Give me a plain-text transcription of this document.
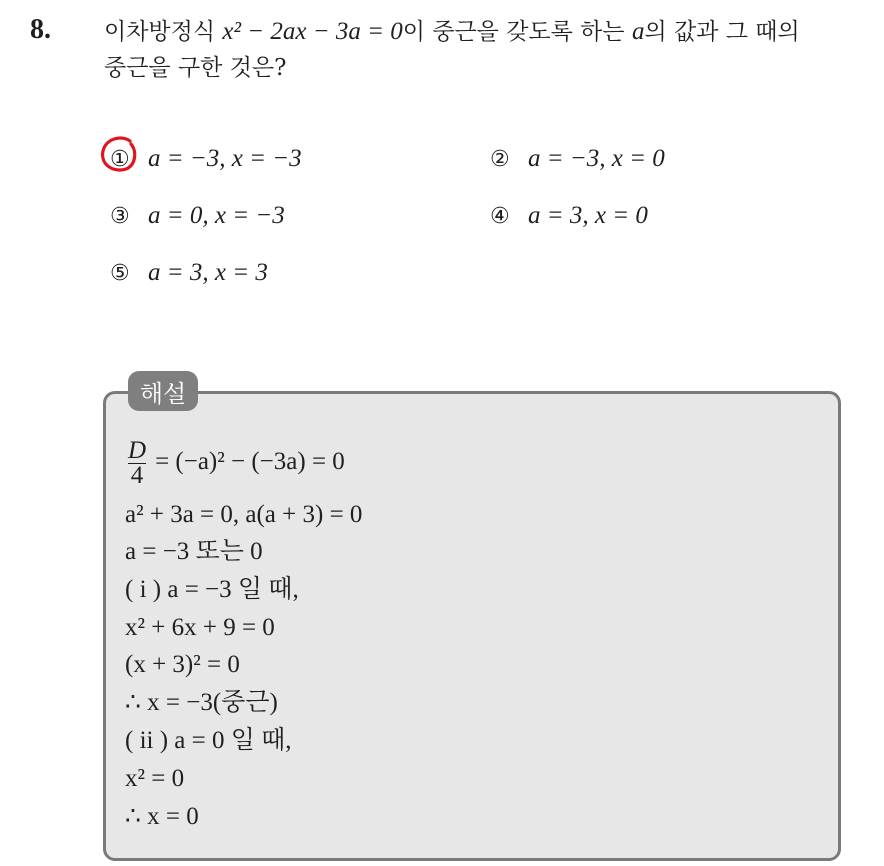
8. 이차방정식 x² − 2ax − 3a = 0이 중근을 갖도록 하는 a의 값과 그 때의
중근을 구한 것은?
① a = −3, x = −3	② a = −3, x = 0
③ a = 0, x = −3	④ a = 3, x = 0
⑤ a = 3, x = 3
해설
$\frac{D}{4} = (-a)^2 - (-3a) = 0$
a² + 3a = 0, a(a + 3) = 0
a = −3 또는 0
( i ) a = −3 일 때,
x² + 6x + 9 = 0
(x + 3)² = 0
∴ x = −3(중근)
( ii ) a = 0 일 때,
x² = 0
∴ x = 0
